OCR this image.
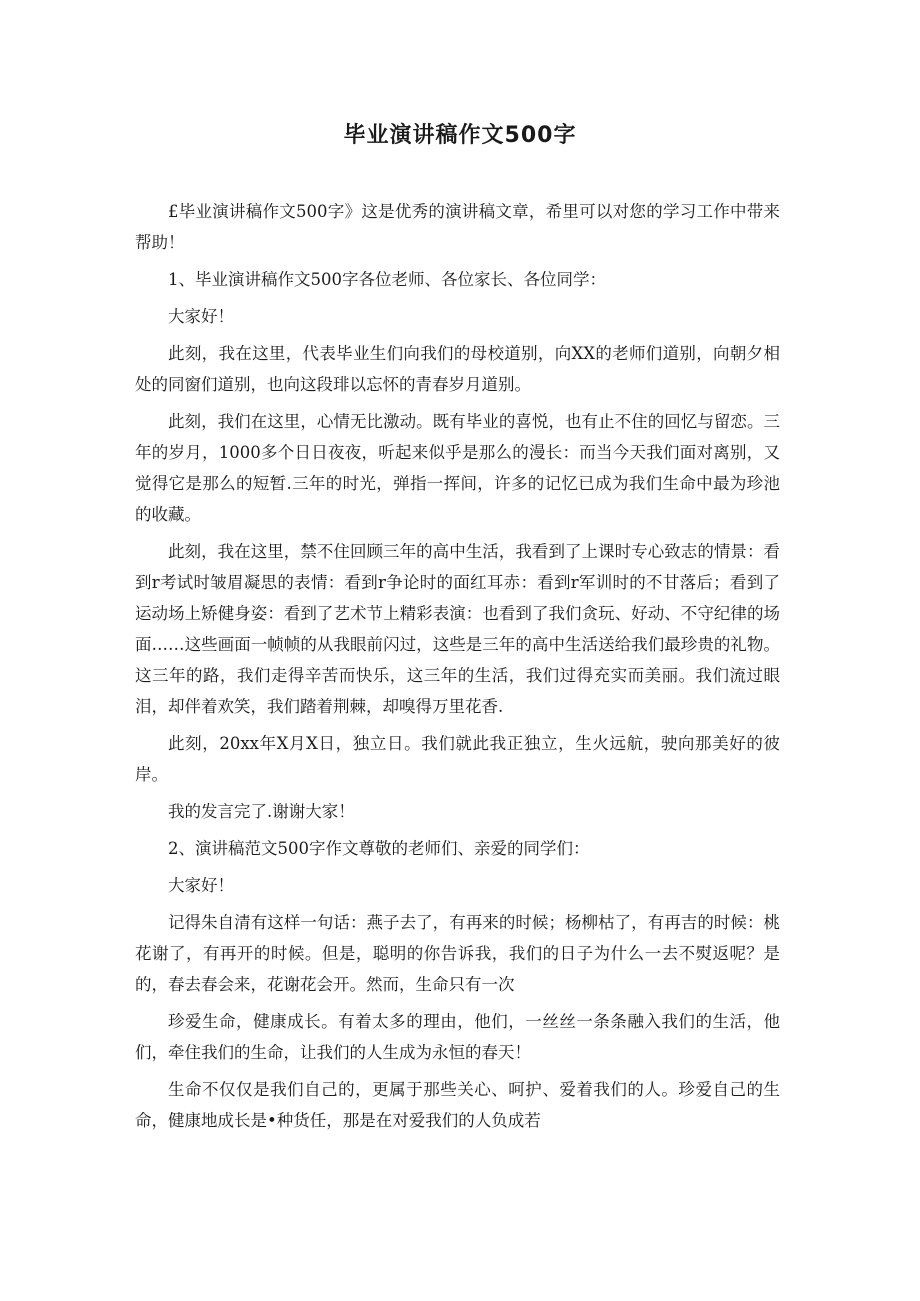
毕业演讲稿作文500字

£毕业演讲稿作文500字》这是优秀的演讲稿文章，希里可以对您的学习工作中带来帮助！

1、毕业演讲稿作文500字各位老师、各位家长、各位同学：

大家好！

此刻，我在这里，代表毕业生们向我们的母校道别，向XX的老师们道别，向朝夕相处的同窗们道别，也向这段琲以忘怀的青春岁月道别。

此刻，我们在这里，心情无比激动。既有毕业的喜悦，也有止不住的回忆与留恋。三年的岁月，1000多个日日夜夜，听起来似乎是那么的漫长：而当今天我们面对离别，又觉得它是那么的短暂.三年的时光，弹指一挥间，许多的记忆已成为我们生命中最为珍池的收藏。

此刻，我在这里，禁不住回顾三年的高中生活，我看到了上课时专心致志的情景：看到r考试时皱眉凝思的表情：看到r争论时的面红耳赤：看到r军训时的不甘落后；看到了运动场上矫健身姿：看到了艺术节上精彩表演：也看到了我们贪玩、好动、不守纪律的场面……这些画面一帧帧的从我眼前闪过，这些是三年的高中生活送给我们最珍贵的礼物。这三年的路，我们走得辛苦而快乐，这三年的生活，我们过得充实而美丽。我们流过眼泪，却伴着欢笑，我们踏着荆棘，却嗅得万里花香.

此刻，20xx年X月X日，独立日。我们就此我正独立，生火远航，驶向那美好的彼岸。

我的发言完了.谢谢大家！

2、演讲稿范文500字作文尊敬的老师们、亲爱的同学们：

大家好！

记得朱自清有这样一句话：燕子去了，有再来的时候；杨柳枯了，有再吉的时候：桃花谢了，有再开的时候。但是，聪明的你告诉我，我们的日子为什么一去不熨返呢？是的，春去春会来，花谢花会开。然而，生命只有一次

珍爱生命，健康成长。有着太多的理由，他们，一丝丝一条条融入我们的生活，他们，牵住我们的生命，让我们的人生成为永恒的春天！

生命不仅仅是我们自己的，更属于那些关心、呵护、爱着我们的人。珍爱自己的生命，健康地成长是•种货任，那是在对爱我们的人负成若
